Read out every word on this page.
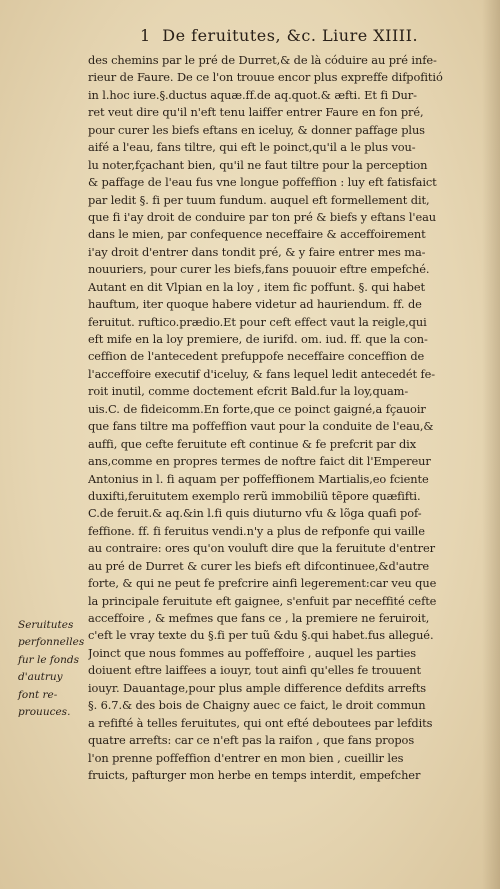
1 De feruitutes, &c. Liure XIIII.
Seruitutes
perfonnelles
fur le fonds
d'autruy
font re-
prouuces.
des chemins par le pré de Durret,& de là códuire au pré infe-
rieur de Faure. De ce l'on trouue encor plus expreffe difpofitió
in l.hoc iure.§.ductus aquæ.ff.de aq.quot.& æfti. Et fi Dur-
ret veut dire qu'il n'eft tenu laiffer entrer Faure en fon pré,
pour curer les biefs eftans en iceluy, & donner paffage plus
aifé a l'eau, fans tiltre, qui eft le poinct,qu'il a le plus vou-
lu noter,fçachant bien, qu'il ne faut tiltre pour la perception
& paffage de l'eau fus vne longue poffeffion : luy eft fatisfaict
par ledit §. fi per tuum fundum. auquel eft formellement dit,
que fi i'ay droit de conduire par ton pré & biefs y eftans l'eau
dans le mien, par confequence neceffaire & acceffoirement
i'ay droit d'entrer dans tondit pré, & y faire entrer mes ma-
nouuriers, pour curer les biefs,fans pouuoir eftre empefché.
Autant en dit Vlpian en la loy , item fic poffunt. §. qui habet
hauftum, iter quoque habere videtur ad hauriendum. ff. de
feruitut. ruftico.prædio.Et pour ceft effect vaut la reigle,qui
eft mife en la loy premiere, de iurifd. om. iud. ff. que la con-
ceffion de l'antecedent prefuppofe neceffaire conceffion de
l'acceffoire executif d'iceluy, & fans lequel ledit antecedét fe-
roit inutil, comme doctement efcrit Bald.fur la loy,quam-
uis.C. de fideicomm.En forte,que ce poinct gaigné,a fçauoir
que fans tiltre ma poffeffion vaut pour la conduite de l'eau,&
auffi, que cefte feruitute eft continue & fe prefcrit par dix
ans,comme en propres termes de noftre faict dit l'Empereur
Antonius in l. fi aquam per poffeffionem Martialis,eo fciente
duxifti,feruitutem exemplo rerũ immobiliũ tẽpore quæfifti.
C.de feruit.& aq.&in l.fi quis diuturno vfu & lõga quafi pof-
feffione. ff. fi feruitus vendi.n'y a plus de refponfe qui vaille
au contraire: ores qu'on vouluft dire que la feruitute d'entrer
au pré de Durret & curer les biefs eft difcontinuee,&d'autre
forte, & qui ne peut fe prefcrire ainfi legerement:car veu que
la principale feruitute eft gaignee, s'enfuit par neceffité cefte
acceffoire , & mefmes que fans ce , la premiere ne feruiroit,
c'eft le vray texte du §.fi per tuũ &du §.qui habet.fus allegué.
Joinct que nous fommes au poffeffoire , auquel les parties
doiuent eftre laiffees a iouyr, tout ainfi qu'elles fe trouuent
iouyr. Dauantage,pour plus ample difference defdits arrefts
§. 6.7.& des bois de Chaigny auec ce faict, le droit commun
a refifté à telles feruitutes, qui ont efté deboutees par lefdits
quatre arrefts: car ce n'eft pas la raifon , que fans propos
l'on prenne poffeffion d'entrer en mon bien , cueillir les
fruicts, pafturger mon herbe en temps interdit, empefcher
